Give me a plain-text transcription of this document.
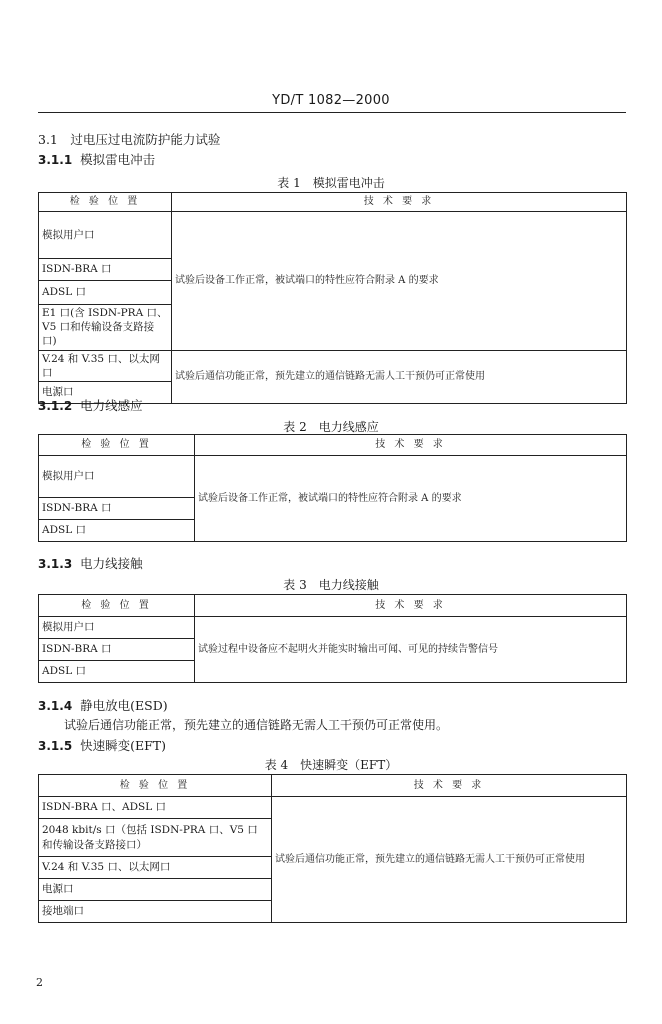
YD/T 1082—2000
3.1　过电压过电流防护能力试验
3.1.1 模拟雷电冲击
表 1　模拟雷电冲击
检 验 位 置	技 术 要 求
模拟用户口	试验后设备工作正常，被试端口的特性应符合附录 A 的要求
ISDN-BRA 口	
ADSL 口	
E1 口(含 ISDN-PRA 口、V5 口和传输设备支路接口)	
V.24 和 V.35 口、以太网口	试验后通信功能正常，预先建立的通信链路无需人工干预仍可正常使用
电源口	
3.1.2 电力线感应
表 2　电力线感应
检 验 位 置	技 术 要 求
模拟用户口	试验后设备工作正常，被试端口的特性应符合附录 A 的要求
ISDN-BRA 口	
ADSL 口	
3.1.3 电力线接触
表 3　电力线接触
检 验 位 置	技 术 要 求
模拟用户口	试验过程中设备应不起明火并能实时输出可闻、可见的持续告警信号
ISDN-BRA 口	
ADSL 口	
3.1.4 静电放电(ESD)
试验后通信功能正常，预先建立的通信链路无需人工干预仍可正常使用。
3.1.5 快速瞬变(EFT)
表 4　快速瞬变（EFT）
检 验 位 置	技 术 要 求
ISDN-BRA 口、ADSL 口	试验后通信功能正常，预先建立的通信链路无需人工干预仍可正常使用
2048 kbit/s 口（包括 ISDN-PRA 口、V5 口和传输设备支路接口）	
V.24 和 V.35 口、以太网口	
电源口	
接地端口	
2
